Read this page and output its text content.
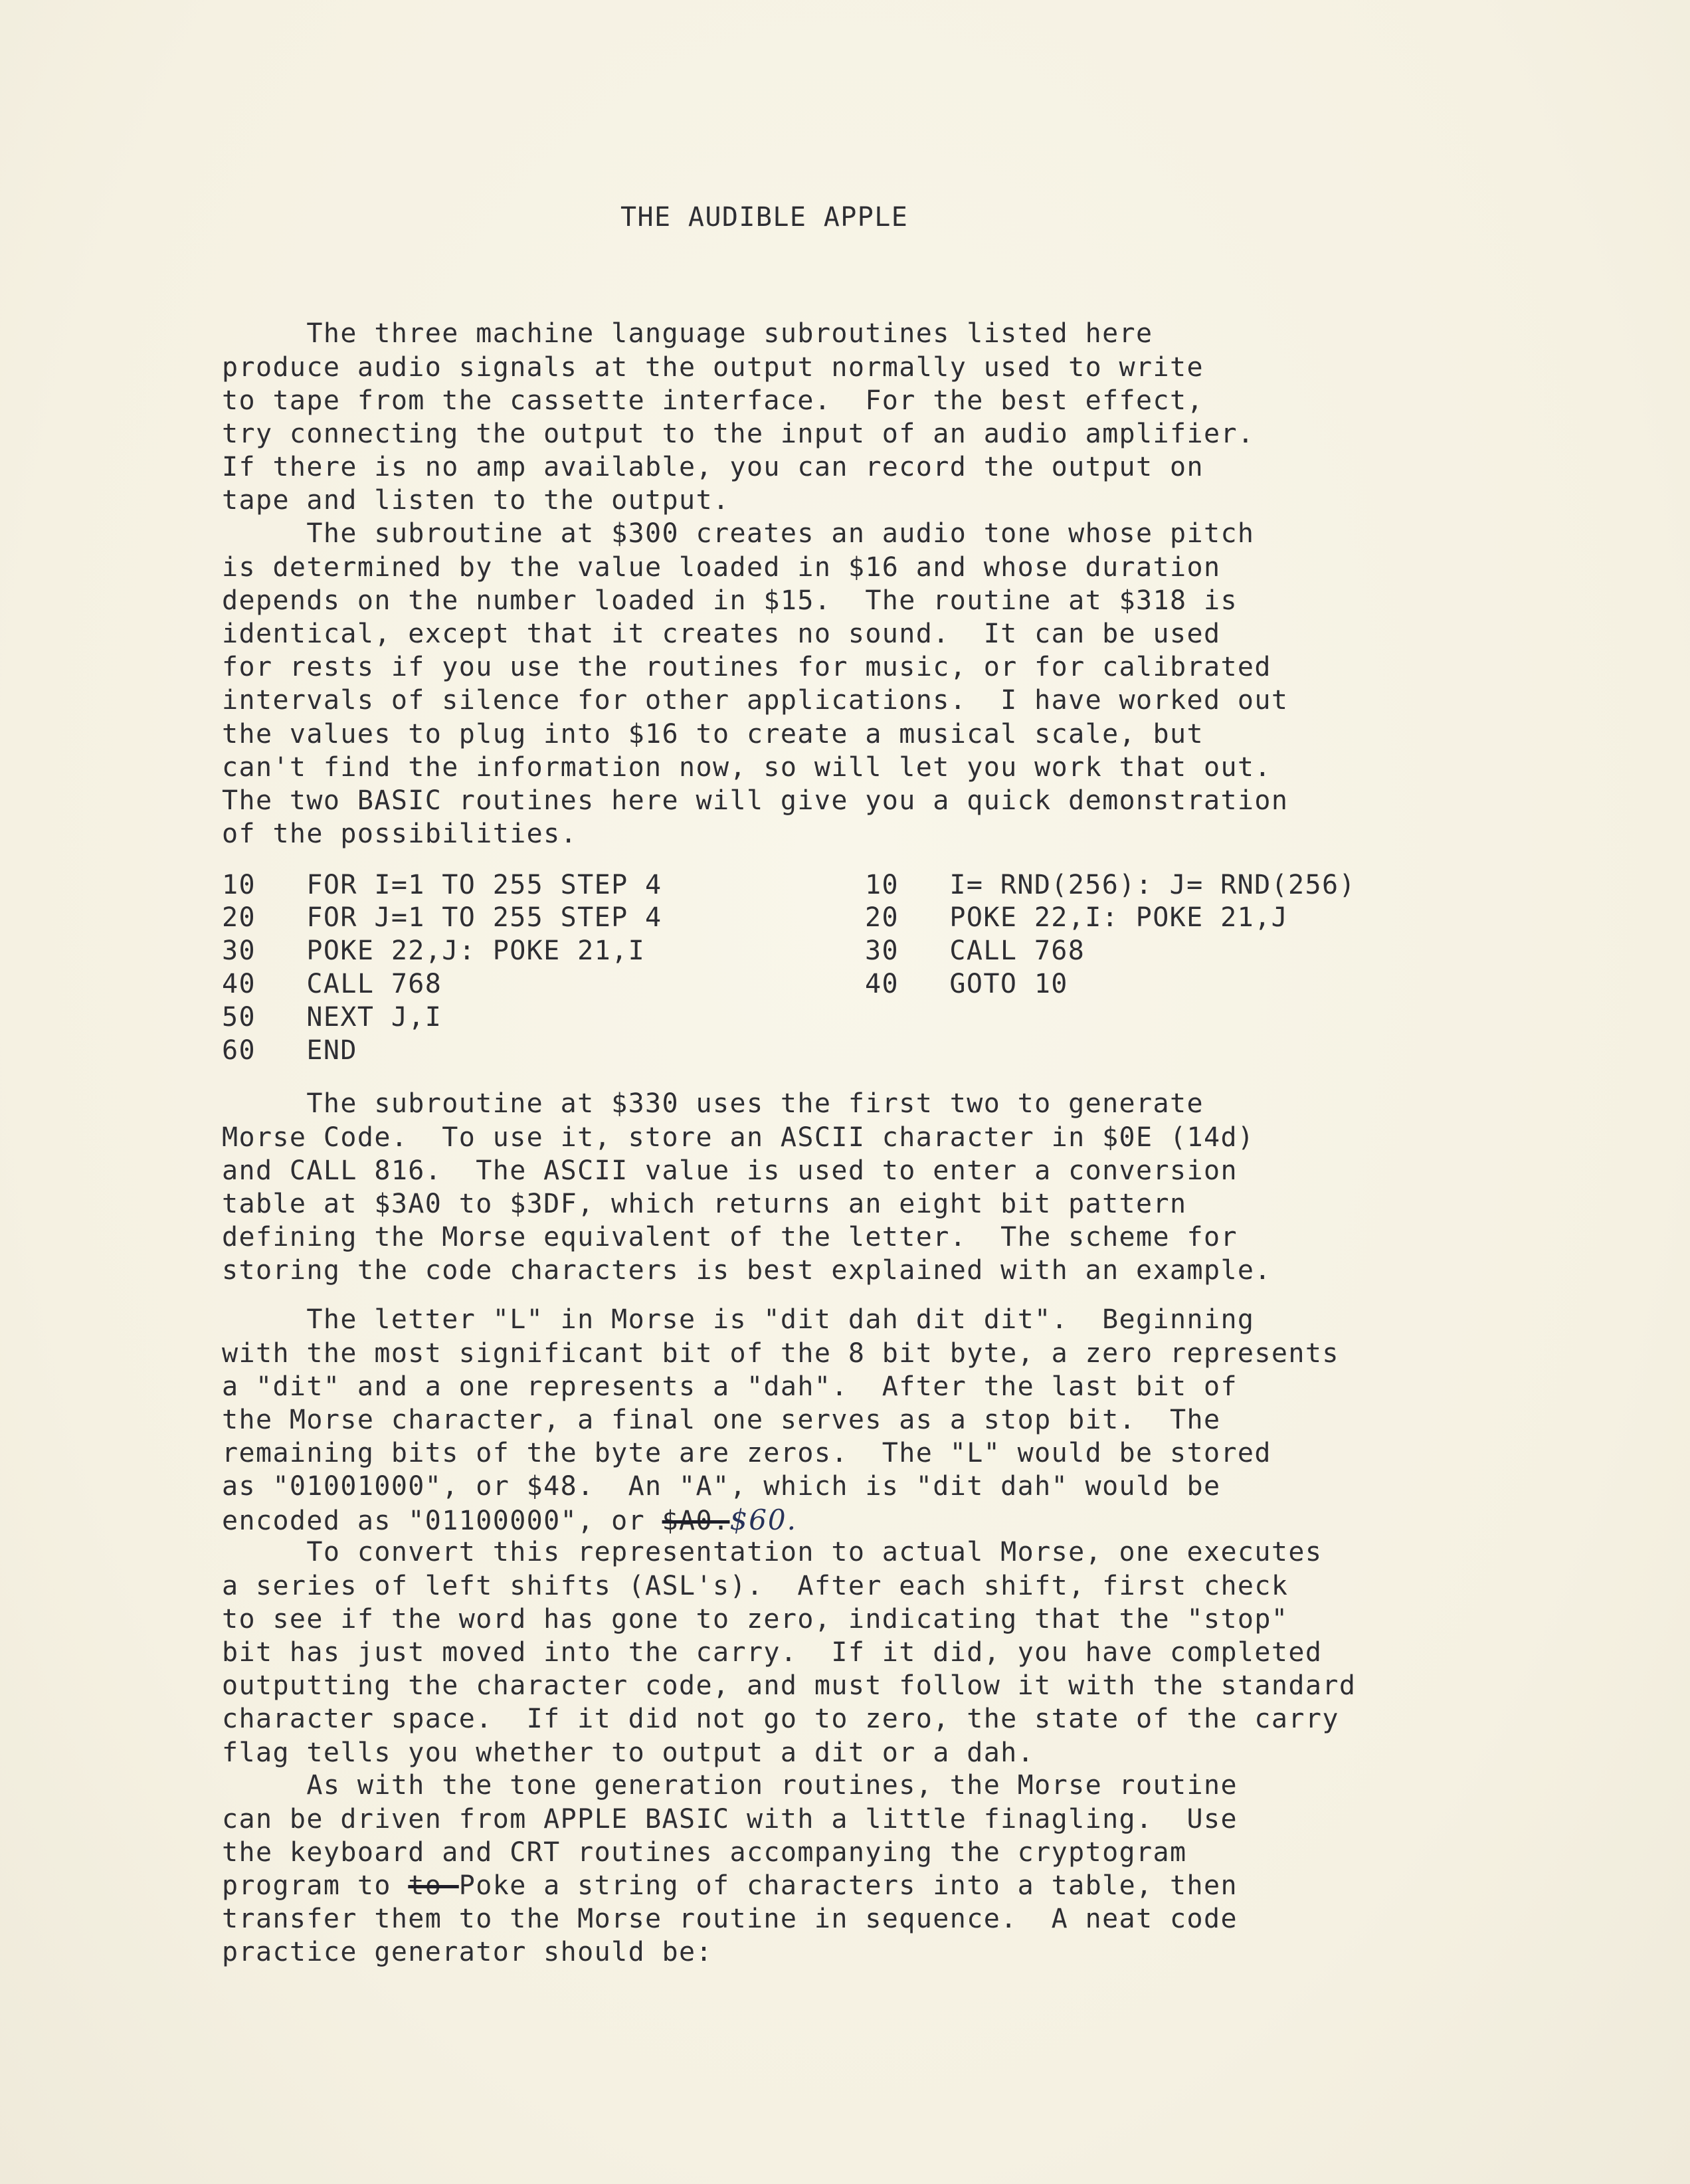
THE AUDIBLE APPLE

The three machine language subroutines listed here
produce audio signals at the output normally used to write
to tape from the cassette interface.  For the best effect,
try connecting the output to the input of an audio amplifier.
If there is no amp available, you can record the output on
tape and listen to the output.

The subroutine at $300 creates an audio tone whose pitch
is determined by the value loaded in $16 and whose duration
depends on the number loaded in $15.  The routine at $318 is
identical, except that it creates no sound.  It can be used
for rests if you use the routines for music, or for calibrated
intervals of silence for other applications.  I have worked out
the values to plug into $16 to create a musical scale, but
can't find the information now, so will let you work that out.
The two BASIC routines here will give you a quick demonstration
of the possibilities.

10   FOR I=1 TO 255 STEP 4
20   FOR J=1 TO 255 STEP 4
30   POKE 22,J: POKE 21,I
40   CALL 768
50   NEXT J,I
60   END

10   I= RND(256): J= RND(256)
20   POKE 22,I: POKE 21,J
30   CALL 768
40   GOTO 10

The subroutine at $330 uses the first two to generate
Morse Code.  To use it, store an ASCII character in $0E (14d)
and CALL 816.  The ASCII value is used to enter a conversion
table at $3A0 to $3DF, which returns an eight bit pattern
defining the Morse equivalent of the letter.  The scheme for
storing the code characters is best explained with an example.

The letter "L" in Morse is "dit dah dit dit".  Beginning
with the most significant bit of the 8 bit byte, a zero represents
a "dit" and a one represents a "dah".  After the last bit of
the Morse character, a final one serves as a stop bit.  The
remaining bits of the byte are zeros.  The "L" would be stored
as "01001000", or $48.  An "A", which is "dit dah" would be
encoded as "01100000", or $A0.$60.

To convert this representation to actual Morse, one executes
a series of left shifts (ASL's).  After each shift, first check
to see if the word has gone to zero, indicating that the "stop"
bit has just moved into the carry.  If it did, you have completed
outputting the character code, and must follow it with the standard
character space.  If it did not go to zero, the state of the carry
flag tells you whether to output a dit or a dah.

As with the tone generation routines, the Morse routine
can be driven from APPLE BASIC with a little finagling.  Use
the keyboard and CRT routines accompanying the cryptogram
program to to Poke a string of characters into a table, then
transfer them to the Morse routine in sequence.  A neat code
practice generator should be:
